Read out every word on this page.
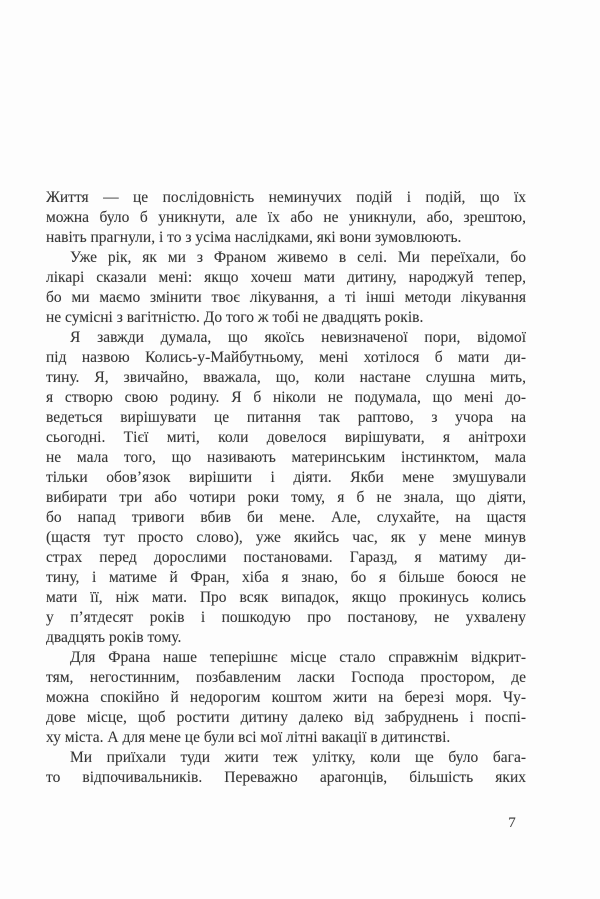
Життя — це послідовність неминучих подій і подій, що їх
можна було б уникнути, але їх або не уникнули, або, зрештою,
навіть прагнули, і то з усіма наслідками, які вони зумовлюють.
Уже рік, як ми з Франом живемо в селі. Ми переїхали, бо
лікарі сказали мені: якщо хочеш мати дитину, народжуй тепер,
бо ми маємо змінити твоє лікування, а ті інші методи лікування
не сумісні з вагітністю. До того ж тобі не двадцять років.
Я завжди думала, що якоїсь невизначеної пори, відомої
під назвою Колись-у-Майбутньому, мені хотілося б мати ди-
тину. Я, звичайно, вважала, що, коли настане слушна мить,
я створю свою родину. Я б ніколи не подумала, що мені до-
ведеться вирішувати це питання так раптово, з учора на
сьогодні. Тієї миті, коли довелося вирішувати, я анітрохи
не мала того, що називають материнським інстинктом, мала
тільки обов’язок вирішити і діяти. Якби мене змушували
вибирати три або чотири роки тому, я б не знала, що діяти,
бо напад тривоги вбив би мене. Але, слухайте, на щастя
(щастя тут просто слово), уже якийсь час, як у мене минув
страх перед дорослими постановами. Гаразд, я матиму ди-
тину, і матиме й Фран, хіба я знаю, бо я більше боюся не
мати її, ніж мати. Про всяк випадок, якщо прокинусь колись
у п’ятдесят років і пошкодую про постанову, не ухвалену
двадцять років тому.
Для Франа наше теперішнє місце стало справжнім відкрит-
тям, негостинним, позбавленим ласки Господа простором, де
можна спокійно й недорогим коштом жити на березі моря. Чу-
дове місце, щоб ростити дитину далеко від забруднень і поспі-
ху міста. А для мене це були всі мої літні вакації в дитинстві.
Ми приїхали туди жити теж улітку, коли ще було бага-
то відпочивальників. Переважно арагонців, більшість яких
7
